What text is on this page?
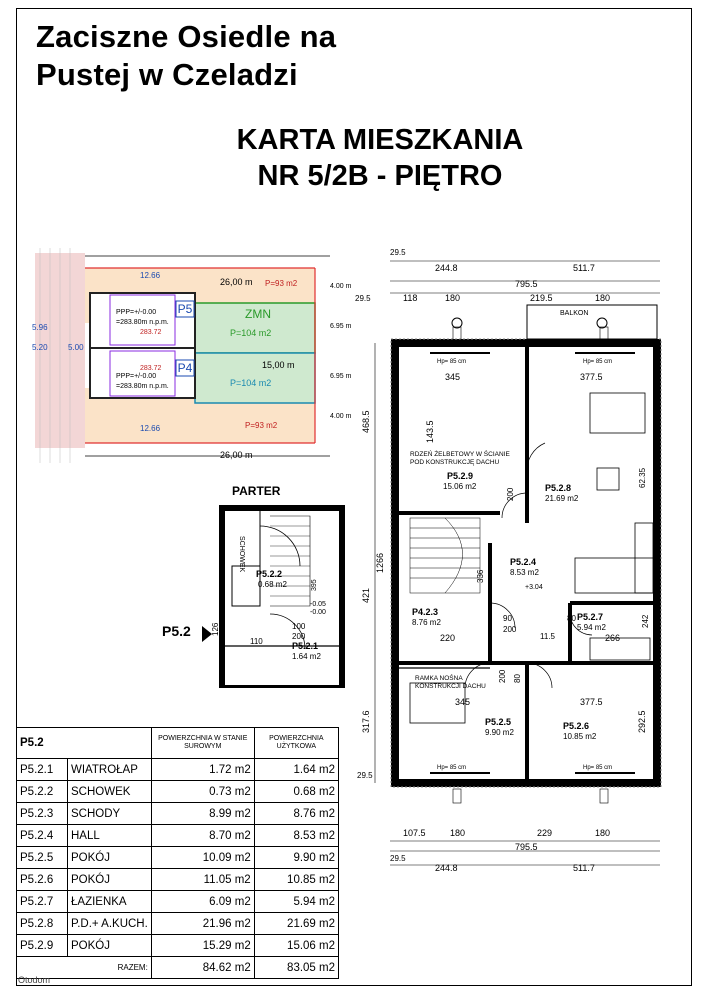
Zaciszne Osiedle na
Pustej w Czeladzi
KARTA MIESZKANIA
NR 5/2B - PIĘTRO
P5
P4
26,00 m P=93 m2
26,00 m
P=93 m2
ZMN
P=104 m2
15,00 m
P=104 m2
PPP=+/-0.00
=283.80m n.p.m.
283.72
PPP=+/-0.00
=283.80m n.p.m.
283.72
5.96
5.20	5.00
4.00 m
6.95 m
6.95 m
4.00 m
12.66
12.66
PARTER
SCHOWEK
P5.2.2
0.68 m2
P5.2.1
1.64 m2
126
110
100
200
395
-0.05
-0.00
P5.2
29.5
244.8	511.7
795.5
29.5	118	180	219.5	180
107.5	180	229	180
795.5
29.5
244.8	511.7
468.5
1266
421
317.6
29.5
BALKON
Hp= 85 cm	Hp= 85 cm
Hp= 85 cm	Hp= 85 cm
RDZEŃ ŻELBETOWY W ŚCIANIE
POD KONSTRUKCJĘ DACHU
RAMKA NOŚNA
KONSTRUKCJI DACHU
P5.2.9
15.06 m2	P5.2.8
21.69 m2
P5.2.4
8.53 m2
P4.2.3
8.76 m2
P5.2.7
5.94 m2
P5.2.5
9.90 m2
P5.2.6
10.85 m2
345	377.5
143.5
200
220
90	80	242
266
200
80
200
345	377.5
292.5
62.35
336
11.5
+3.04
P5.2		POWIERZCHNIA W STANIE SUROWYM	POWIERZCHNIA UŻYTKOWA
P5.2.1	WIATROŁAP	1.72 m2	1.64 m2
P5.2.2	SCHOWEK	0.73 m2	0.68 m2
P5.2.3	SCHODY	8.99 m2	8.76 m2
P5.2.4	HALL	8.70 m2	8.53 m2
P5.2.5	POKÓJ	10.09 m2	9.90 m2
P5.2.6	POKÓJ	11.05 m2	10.85 m2
P5.2.7	ŁAZIENKA	6.09 m2	5.94 m2
P5.2.8	P.D.+ A.KUCH.	21.96 m2	21.69 m2
P5.2.9	POKÓJ	15.29 m2	15.06 m2
RAZEM:		84.62 m2	83.05 m2
Otodom
